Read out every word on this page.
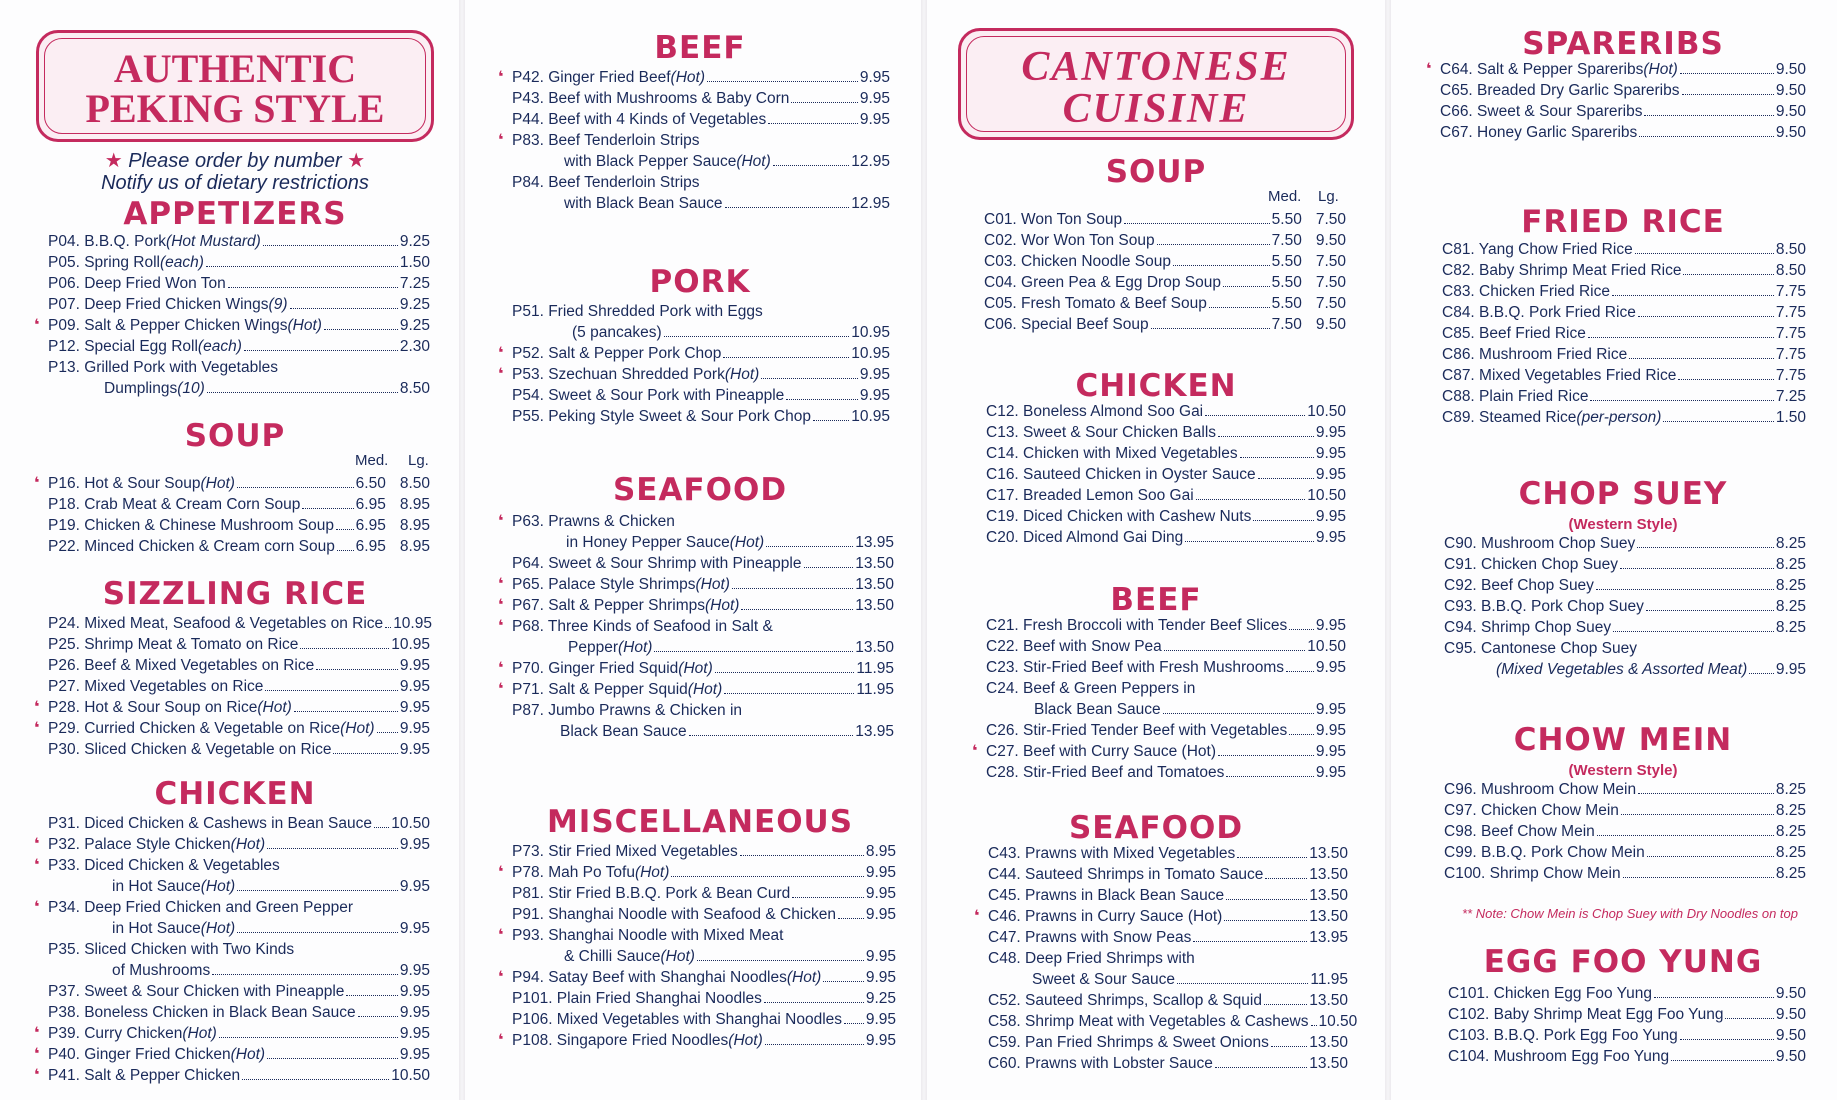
AUTHENTIC
PEKING STYLE
★ Please order by number ★
Notify us of dietary restrictions
CANTONESE
CUISINE
APPETIZERS
SOUP
Med. Lg.
SIZZLING RICE
CHICKEN
BEEF
PORK
SEAFOOD
MISCELLANEOUS
SOUP
Med. Lg.
CHICKEN
BEEF
SEAFOOD
SPARERIBS
FRIED RICE
CHOP SUEY
(Western Style)
CHOW MEIN
(Western Style)
** Note: Chow Mein is Chop Suey with Dry Noodles on top
EGG FOO YUNG
P04. B.B.Q. Pork (Hot Mustard)	9.25
P05. Spring Roll (each)	1.50
P06. Deep Fried Won Ton	7.25
P07. Deep Fried Chicken Wings (9)	9.25
P09. Salt & Pepper Chicken Wings (Hot)	9.25
❛
P12. Special Egg Roll (each)	2.30
P13. Grilled Pork with Vegetables
Dumplings (10)	8.50
P16. Hot & Sour Soup (Hot)	6.50 8.50
❛
P18. Crab Meat & Cream Corn Soup	6.95 8.95
P19. Chicken & Chinese Mushroom Soup 6.95 8.95
P22. Minced Chicken & Cream corn Soup 6.95 8.95
P24. Mixed Meat, Seafood & Vegetables on Rice 10.95
P25. Shrimp Meat & Tomato on Rice	10.95
P26. Beef & Mixed Vegetables on Rice	9.95
P27. Mixed Vegetables on Rice	9.95
P28. Hot & Sour Soup on Rice (Hot)	9.95
❛
P29. Curried Chicken & Vegetable on Rice (Hot) 9.95
❛
P30. Sliced Chicken & Vegetable on Rice	9.95
P31. Diced Chicken & Cashews in Bean Sauce 10.50
P32. Palace Style Chicken (Hot)	9.95
❛
P33. Diced Chicken & Vegetables
❛
in Hot Sauce (Hot)	9.95
P34. Deep Fried Chicken and Green Pepper
❛
in Hot Sauce (Hot)	9.95
P35. Sliced Chicken with Two Kinds
of Mushrooms	9.95
P37. Sweet & Sour Chicken with Pineapple	9.95
P38. Boneless Chicken in Black Bean Sauce	9.95
P39. Curry Chicken (Hot)	9.95
❛
P40. Ginger Fried Chicken (Hot)	9.95
❛
P41. Salt & Pepper Chicken	10.50
❛
P42. Ginger Fried Beef (Hot)	9.95
❛
P43. Beef with Mushrooms & Baby Corn	9.95
P44. Beef with 4 Kinds of Vegetables	9.95
P83. Beef Tenderloin Strips
❛
with Black Pepper Sauce (Hot)	12.95
P84. Beef Tenderloin Strips
with Black Bean Sauce	12.95
P51. Fried Shredded Pork with Eggs
(5 pancakes)	10.95
P52. Salt & Pepper Pork Chop	10.95
❛
P53. Szechuan Shredded Pork (Hot)	9.95
❛
P54. Sweet & Sour Pork with Pineapple	9.95
P55. Peking Style Sweet & Sour Pork Chop	10.95
P63. Prawns & Chicken
❛
in Honey Pepper Sauce (Hot)	13.95
P64. Sweet & Sour Shrimp with Pineapple	13.50
P65. Palace Style Shrimps (Hot)	13.50
❛
P67. Salt & Pepper Shrimps (Hot)	13.50
❛
P68. Three Kinds of Seafood in Salt &
❛
Pepper (Hot)	13.50
P70. Ginger Fried Squid (Hot)	11.95
❛
P71. Salt & Pepper Squid (Hot)	11.95
❛
P87. Jumbo Prawns & Chicken in
Black Bean Sauce	13.95
P73. Stir Fried Mixed Vegetables	8.95
P78. Mah Po Tofu (Hot)	9.95
❛
P81. Stir Fried B.B.Q. Pork & Bean Curd	9.95
P91. Shanghai Noodle with Seafood & Chicken 9.95
P93. Shanghai Noodle with Mixed Meat
❛
& Chilli Sauce (Hot)	9.95
P94. Satay Beef with Shanghai Noodles (Hot)	9.95
❛
P101. Plain Fried Shanghai Noodles	9.25
P106. Mixed Vegetables with Shanghai Noodles 9.95
P108. Singapore Fried Noodles (Hot)	9.95
❛
C01. Won Ton Soup	5.50 7.50
C02. Wor Won Ton Soup	7.50 9.50
C03. Chicken Noodle Soup	5.50 7.50
C04. Green Pea & Egg Drop Soup	5.50 7.50
C05. Fresh Tomato & Beef Soup	5.50 7.50
C06. Special Beef Soup	7.50 9.50
C12. Boneless Almond Soo Gai	10.50
C13. Sweet & Sour Chicken Balls	9.95
C14. Chicken with Mixed Vegetables	9.95
C16. Sauteed Chicken in Oyster Sauce	9.95
C17. Breaded Lemon Soo Gai	10.50
C19. Diced Chicken with Cashew Nuts	9.95
C20. Diced Almond Gai Ding	9.95
C21. Fresh Broccoli with Tender Beef Slices 9.95
C22. Beef with Snow Pea	10.50
C23. Stir-Fried Beef with Fresh Mushrooms 9.95
C24. Beef & Green Peppers in
Black Bean Sauce	9.95
C26. Stir-Fried Tender Beef with Vegetables 9.95
C27. Beef with Curry Sauce (Hot)	9.95
❛
C28. Stir-Fried Beef and Tomatoes	9.95
C43. Prawns with Mixed Vegetables	13.50
C44. Sauteed Shrimps in Tomato Sauce	13.50
C45. Prawns in Black Bean Sauce	13.50
C46. Prawns in Curry Sauce (Hot)	13.50
❛
C47. Prawns with Snow Peas	13.95
C48. Deep Fried Shrimps with
Sweet & Sour Sauce	11.95
C52. Sauteed Shrimps, Scallop & Squid	13.50
C58. Shrimp Meat with Vegetables & Cashews 10.50
C59. Pan Fried Shrimps & Sweet Onions	13.50
C60. Prawns with Lobster Sauce	13.50
C64. Salt & Pepper Spareribs (Hot)	9.50
❛
C65. Breaded Dry Garlic Spareribs	9.50
C66. Sweet & Sour Spareribs	9.50
C67. Honey Garlic Spareribs	9.50
C81. Yang Chow Fried Rice	8.50
C82. Baby Shrimp Meat Fried Rice	8.50
C83. Chicken Fried Rice	7.75
C84. B.B.Q. Pork Fried Rice	7.75
C85. Beef Fried Rice	7.75
C86. Mushroom Fried Rice	7.75
C87. Mixed Vegetables Fried Rice	7.75
C88. Plain Fried Rice	7.25
C89. Steamed Rice (per-person)	1.50
C90. Mushroom Chop Suey	8.25
C91. Chicken Chop Suey	8.25
C92. Beef Chop Suey	8.25
C93. B.B.Q. Pork Chop Suey	8.25
C94. Shrimp Chop Suey	8.25
C95. Cantonese Chop Suey
(Mixed Vegetables & Assorted Meat) 9.95
C96. Mushroom Chow Mein	8.25
C97. Chicken Chow Mein	8.25
C98. Beef Chow Mein	8.25
C99. B.B.Q. Pork Chow Mein	8.25
C100. Shrimp Chow Mein	8.25
C101. Chicken Egg Foo Yung	9.50
C102. Baby Shrimp Meat Egg Foo Yung	9.50
C103. B.B.Q. Pork Egg Foo Yung	9.50
C104. Mushroom Egg Foo Yung	9.50
